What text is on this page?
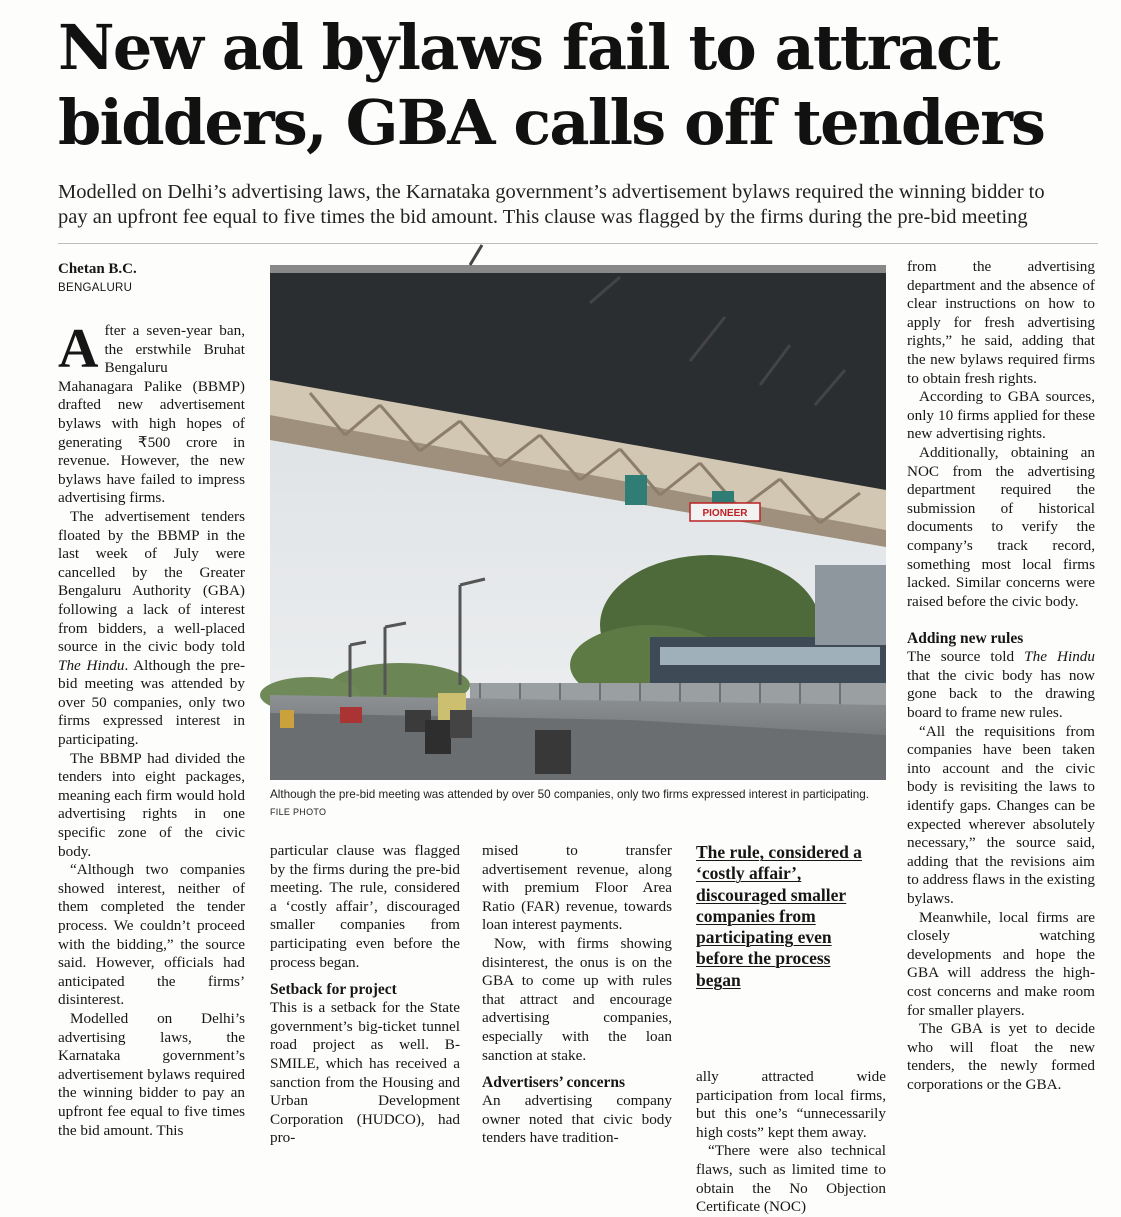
New ad bylaws fail to attract bidders, GBA calls off tenders
Modelled on Delhi’s advertising laws, the Karnataka government’s advertisement bylaws required the winning bidder to pay an upfront fee equal to five times the bid amount. This clause was flagged by the firms during the pre-bid meeting
Chetan B.C.
BENGALURU

After a seven-year ban, the erstwhile Bruhat Bengaluru Mahanagara Palike (BBMP) drafted new advertisement bylaws with high hopes of generating ₹500 crore in revenue. However, the new bylaws have failed to impress advertising firms.

The advertisement tenders floated by the BBMP in the last week of July were cancelled by the Greater Bengaluru Authority (GBA) following a lack of interest from bidders, a well-placed source in the civic body told The Hindu. Although the pre-bid meeting was attended by over 50 companies, only two firms expressed interest in participating.

The BBMP had divided the tenders into eight packages, meaning each firm would hold advertising rights in one specific zone of the civic body.

“Although two companies showed interest, neither of them completed the tender process. We couldn’t proceed with the bidding,” the source said. However, officials had anticipated the firms’ disinterest.

Modelled on Delhi’s advertising laws, the Karnataka government’s advertisement bylaws required the winning bidder to pay an upfront fee equal to five times the bid amount. This

PIONEER
Although the pre-bid meeting was attended by over 50 companies, only two firms expressed interest in participating. FILE PHOTO

particular clause was flagged by the firms during the pre-bid meeting. The rule, considered a ‘costly affair’, discouraged smaller companies from participating even before the process began.

Setback for project

This is a setback for the State government’s big-ticket tunnel road project as well. B-SMILE, which has received a sanction from the Housing and Urban Development Corporation (HUDCO), had pro-

mised to transfer advertisement revenue, along with premium Floor Area Ratio (FAR) revenue, towards loan interest payments.

Now, with firms showing disinterest, the onus is on the GBA to come up with rules that attract and encourage advertising companies, especially with the loan sanction at stake.

Advertisers’ concerns

An advertising company owner noted that civic body tenders have tradition-

The rule, considered a ‘costly affair’, discouraged smaller companies from participating even before the process began

ally attracted wide participation from local firms, but this one’s “unnecessarily high costs” kept them away.

“There were also technical flaws, such as limited time to obtain the No Objection Certificate (NOC)

from the advertising department and the absence of clear instructions on how to apply for fresh advertising rights,” he said, adding that the new bylaws required firms to obtain fresh rights.

According to GBA sources, only 10 firms applied for these new advertising rights.

Additionally, obtaining an NOC from the advertising department required the submission of historical documents to verify the company’s track record, something most local firms lacked. Similar concerns were raised before the civic body.

Adding new rules

The source told The Hindu that the civic body has now gone back to the drawing board to frame new rules.

“All the requisitions from companies have been taken into account and the civic body is revisiting the laws to identify gaps. Changes can be expected wherever absolutely necessary,” the source said, adding that the revisions aim to address flaws in the existing bylaws.

Meanwhile, local firms are closely watching developments and hope the GBA will address the high-cost concerns and make room for smaller players.

The GBA is yet to decide who will float the new tenders, the newly formed corporations or the GBA.
